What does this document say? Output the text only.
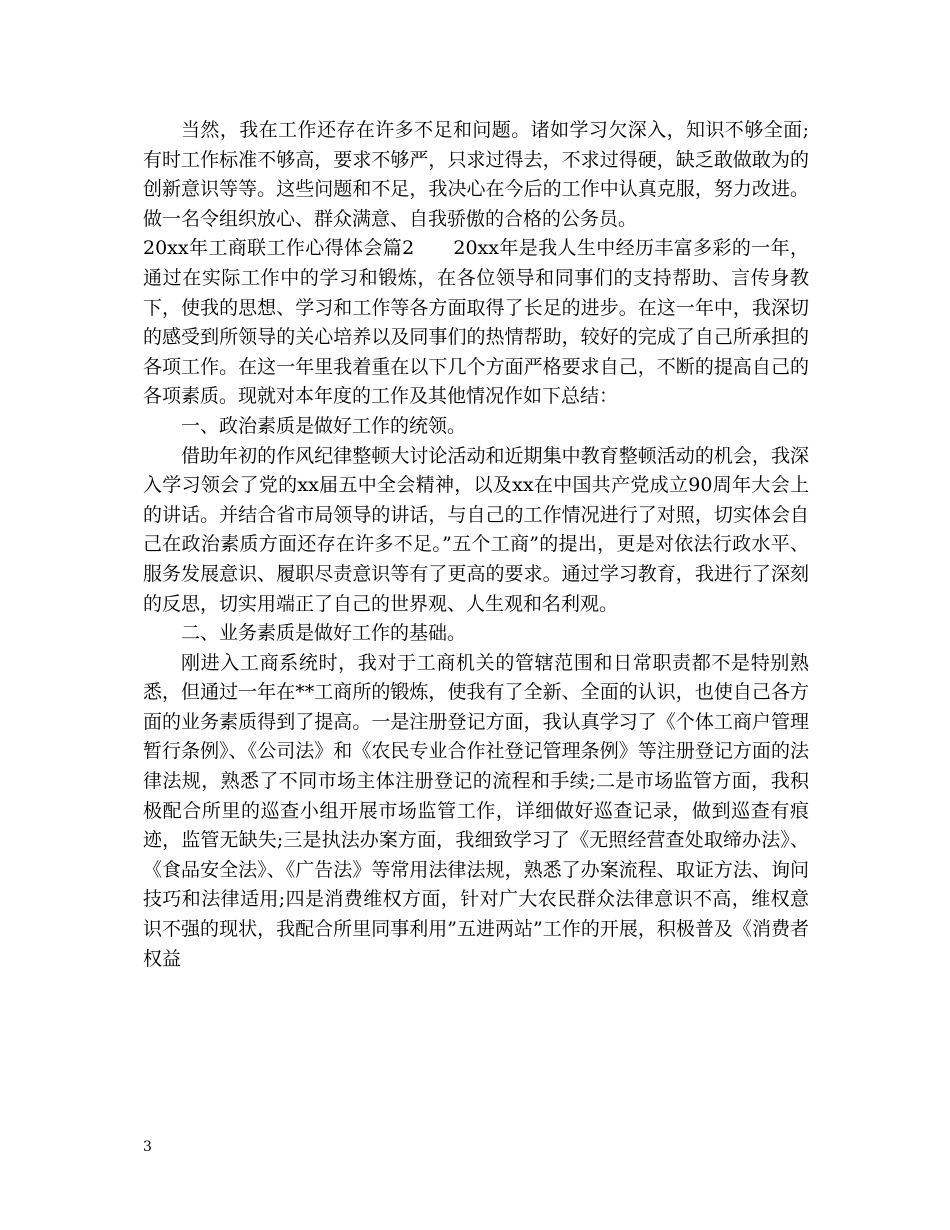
当然，我在工作还存在许多不足和问题。诸如学习欠深入，知识不够全面;有时工作标准不够高，要求不够严，只求过得去，不求过得硬，缺乏敢做敢为的创新意识等等。这些问题和不足，我决心在今后的工作中认真克服，努力改进。做一名令组织放心、群众满意、自我骄傲的合格的公务员。

20xx年工商联工作心得体会篇2　　20xx年是我人生中经历丰富多彩的一年，通过在实际工作中的学习和锻炼，在各位领导和同事们的支持帮助、言传身教下，使我的思想、学习和工作等各方面取得了长足的进步。在这一年中，我深切的感受到所领导的关心培养以及同事们的热情帮助，较好的完成了自己所承担的各项工作。在这一年里我着重在以下几个方面严格要求自己，不断的提高自己的各项素质。现就对本年度的工作及其他情况作如下总结：

一、政治素质是做好工作的统领。

借助年初的作风纪律整顿大讨论活动和近期集中教育整顿活动的机会，我深入学习领会了党的xx届五中全会精神，以及xx在中国共产党成立90周年大会上的讲话。并结合省市局领导的讲话，与自己的工作情况进行了对照，切实体会自己在政治素质方面还存在许多不足。”五个工商”的提出，更是对依法行政水平、服务发展意识、履职尽责意识等有了更高的要求。通过学习教育，我进行了深刻的反思，切实用端正了自己的世界观、人生观和名利观。

二、业务素质是做好工作的基础。

刚进入工商系统时，我对于工商机关的管辖范围和日常职责都不是特别熟悉，但通过一年在**工商所的锻炼，使我有了全新、全面的认识，也使自己各方面的业务素质得到了提高。一是注册登记方面，我认真学习了《个体工商户管理暂行条例》、《公司法》和《农民专业合作社登记管理条例》等注册登记方面的法律法规，熟悉了不同市场主体注册登记的流程和手续;二是市场监管方面，我积极配合所里的巡查小组开展市场监管工作，详细做好巡查记录，做到巡查有痕迹，监管无缺失;三是执法办案方面，我细致学习了《无照经营查处取缔办法》、《食品安全法》、《广告法》等常用法律法规，熟悉了办案流程、取证方法、询问技巧和法律适用;四是消费维权方面，针对广大农民群众法律意识不高，维权意识不强的现状，我配合所里同事利用”五进两站”工作的开展，积极普及《消费者权益

3
